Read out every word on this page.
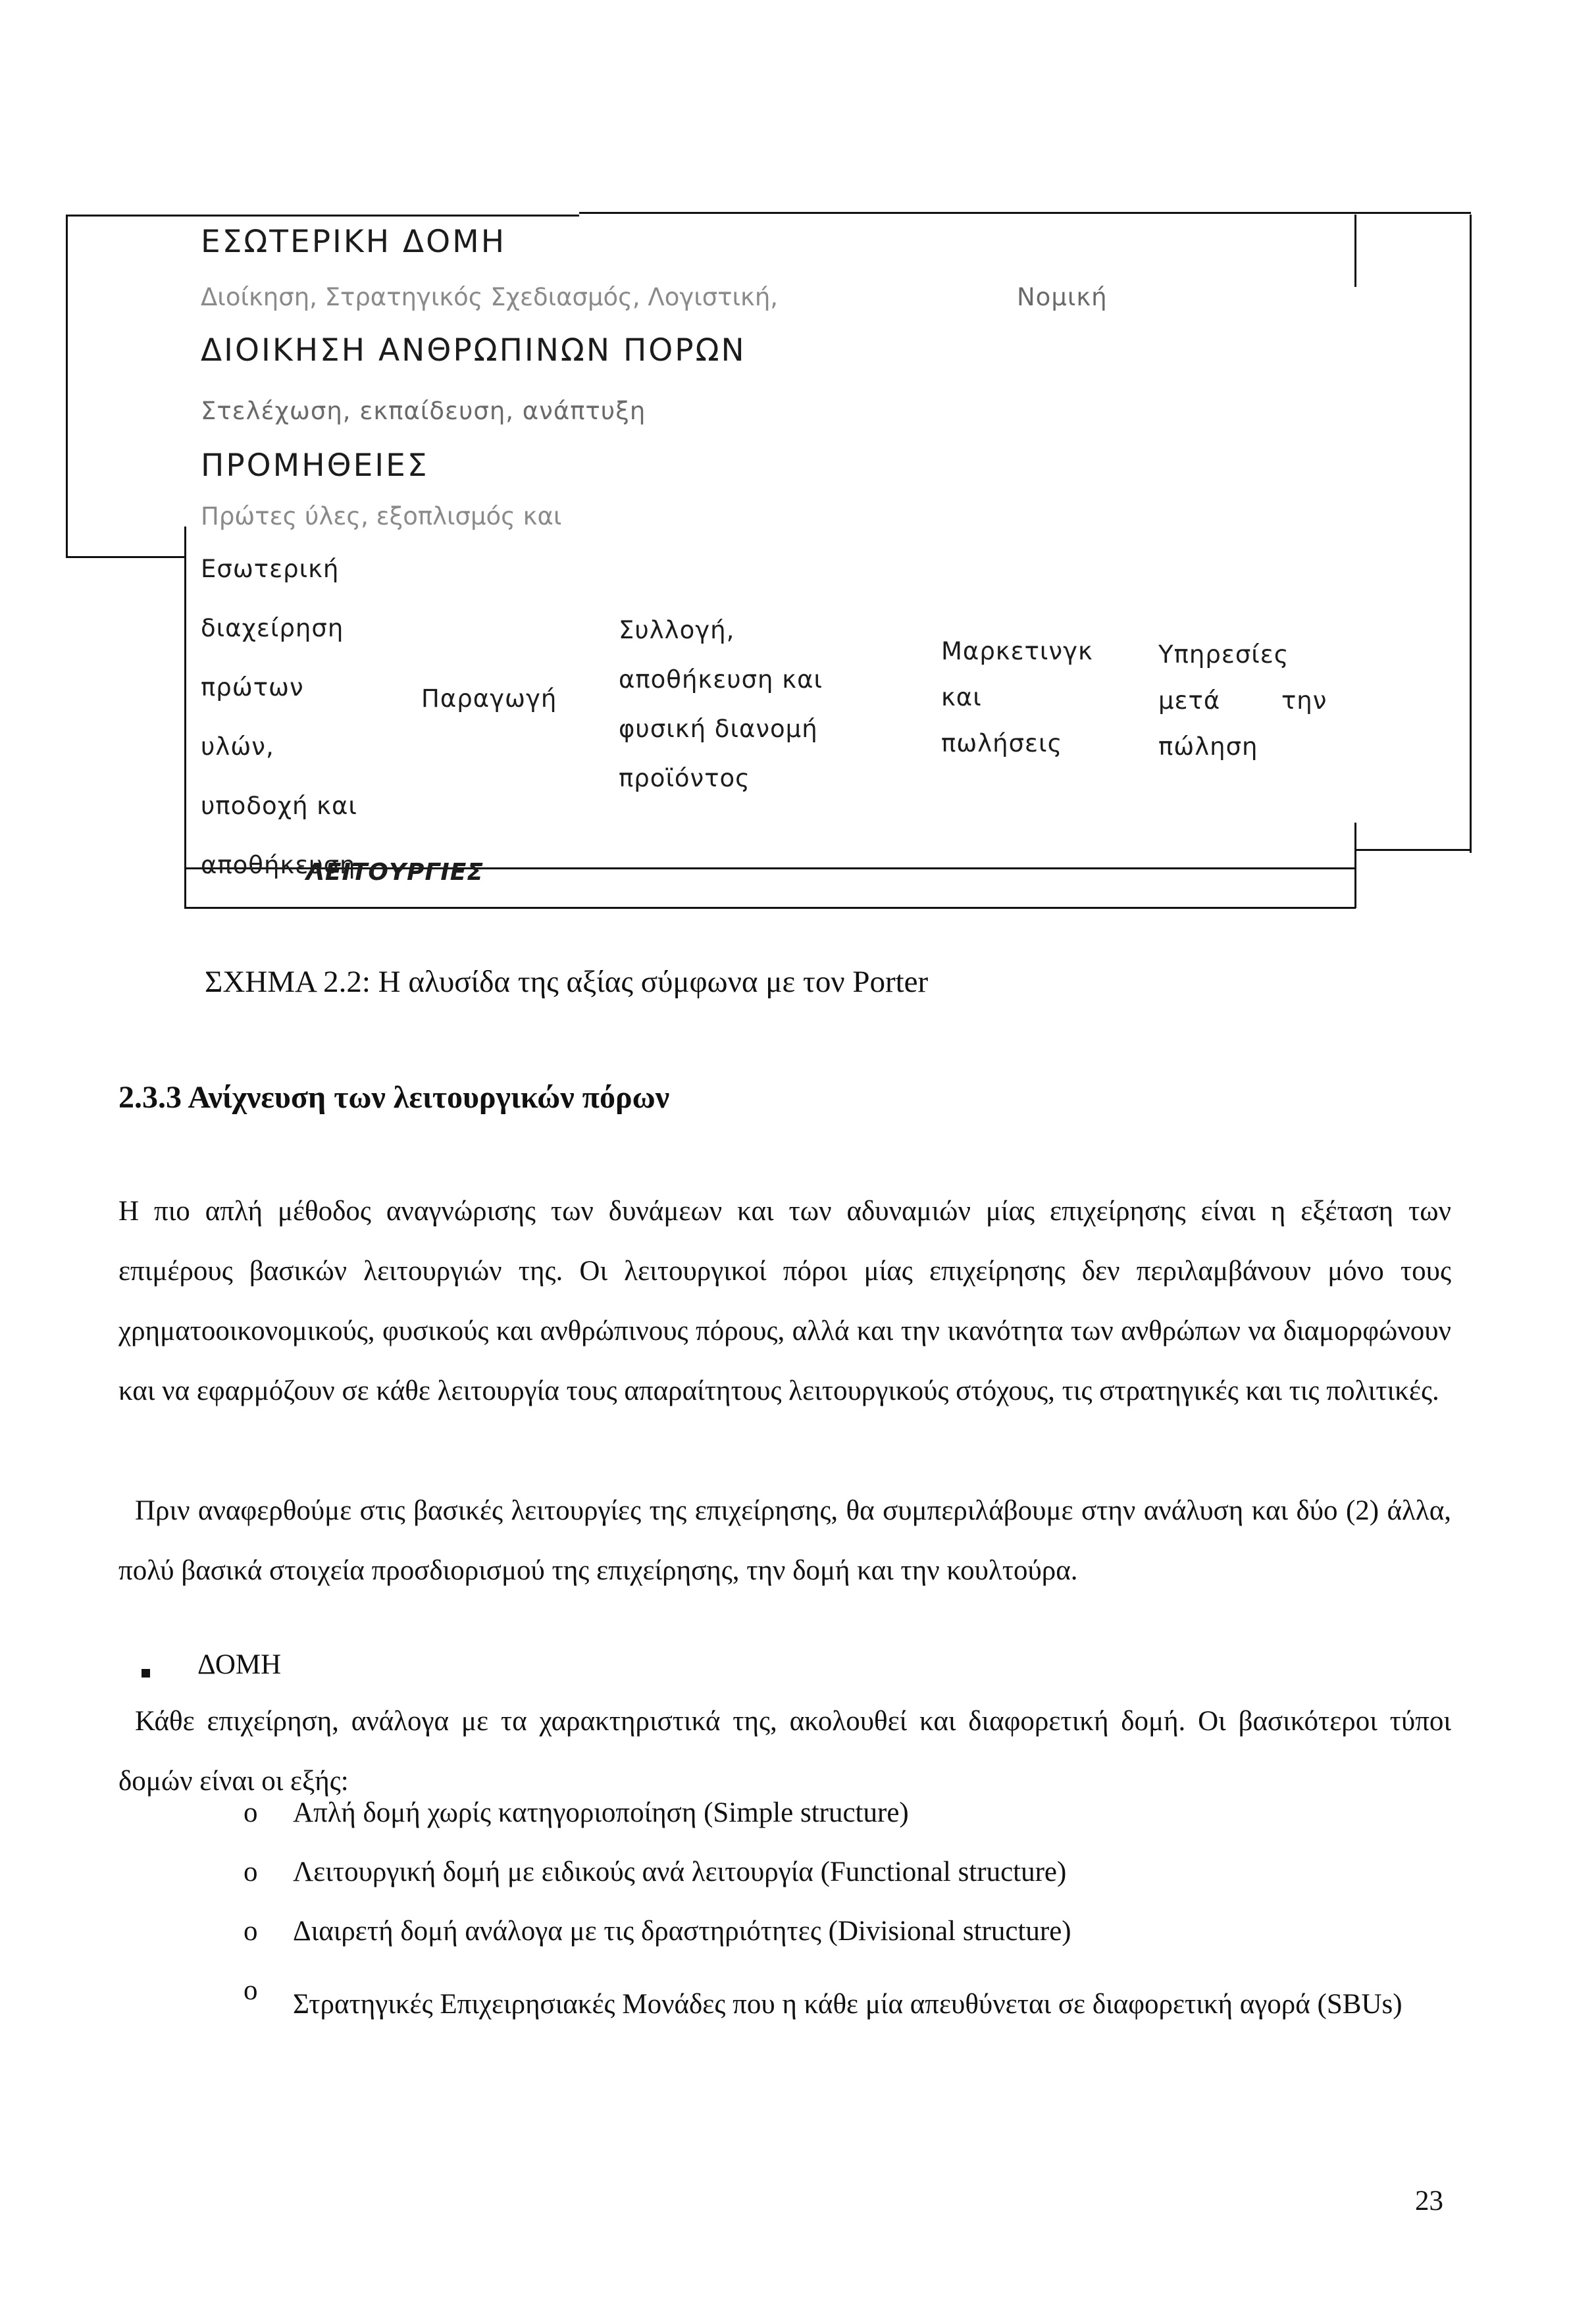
ΕΣΩΤΕΡΙΚΗ ΔΟΜΗ
Διοίκηση, Στρατηγικός Σχεδιασμός, Λογιστική,	Νομική
ΔΙΟΙΚΗΣΗ ΑΝΘΡΩΠΙΝΩΝ ΠΟΡΩΝ
Στελέχωση, εκπαίδευση, ανάπτυξη
ΠΡΟΜΗΘΕΙΕΣ
Πρώτες ύλες, εξοπλισμός και
Εσωτερική
διαχείρηση
πρώτων
υλών,
υποδοχή και
αποθήκευση
Παραγωγή
Συλλογή,
αποθήκευση και
φυσική διανομή
προϊόντος
Μαρκετινγκ
και
πωλήσεις
Υπηρεσίες
μετά την
πώληση
ΛΕΙΤΟΥΡΓΙΕΣ
ΣΧΗΜΑ 2.2: Η αλυσίδα της αξίας σύμφωνα με τον Porter
2.3.3 Ανίχνευση των λειτουργικών πόρων
Η πιο απλή μέθοδος αναγνώρισης των δυνάμεων και των αδυναμιών μίας επιχείρησης είναι η εξέταση των επιμέρους βασικών λειτουργιών της. Οι λειτουργικοί πόροι μίας επιχείρησης δεν περιλαμβάνουν μόνο τους χρηματοοικονομικούς, φυσικούς και ανθρώπινους πόρους, αλλά και την ικανότητα των ανθρώπων να διαμορφώνουν και να εφαρμόζουν σε κάθε λειτουργία τους απαραίτητους λειτουργικούς στόχους, τις στρατηγικές και τις πολιτικές.
Πριν αναφερθούμε στις βασικές λειτουργίες της επιχείρησης, θα συμπεριλάβουμε στην ανάλυση και δύο (2) άλλα, πολύ βασικά στοιχεία προσδιορισμού της επιχείρησης, την δομή και την κουλτούρα.
ΔΟΜΗ
Κάθε επιχείρηση, ανάλογα με τα χαρακτηριστικά της, ακολουθεί και διαφορετική δομή. Οι βασικότεροι τύποι δομών είναι οι εξής:
o Απλή δομή χωρίς κατηγοριοποίηση (Simple structure)
o Λειτουργική δομή με ειδικούς ανά λειτουργία (Functional structure)
o Διαιρετή δομή ανάλογα με τις δραστηριότητες (Divisional structure)
o Στρατηγικές Επιχειρησιακές Μονάδες που η κάθε μία απευθύνεται σε διαφορετική αγορά (SBUs)
23
